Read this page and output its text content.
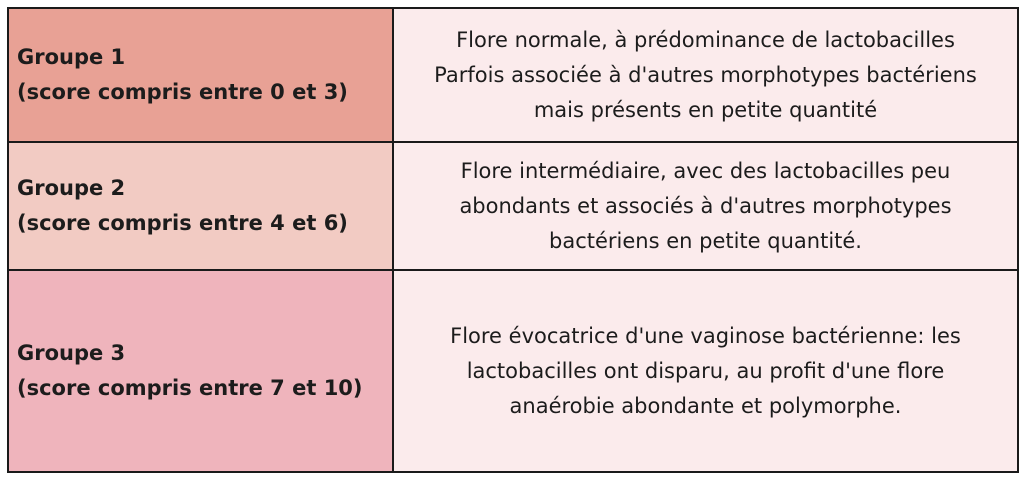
Groupe 1
(score compris entre 0 et 3)	Flore normale, à prédominance de lactobacilles
Parfois associée à d'autres morphotypes bactériens
mais présents en petite quantité

Groupe 2
(score compris entre 4 et 6)	Flore intermédiaire, avec des lactobacilles peu
abondants et associés à d'autres morphotypes
bactériens en petite quantité.

Groupe 3
(score compris entre 7 et 10)	Flore évocatrice d'une vaginose bactérienne: les
lactobacilles ont disparu, au profit d'une flore
anaérobie abondante et polymorphe.
